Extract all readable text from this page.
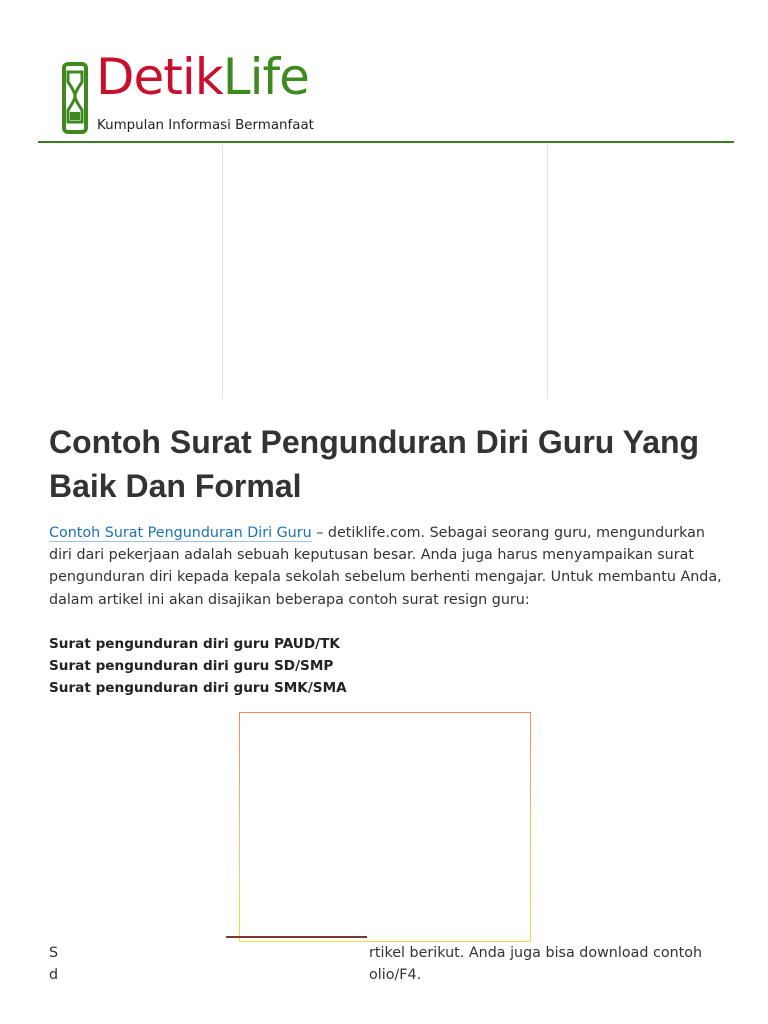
DetikLife
Kumpulan Informasi Bermanfaat
Contoh Surat Pengunduran Diri Guru Yang Baik Dan Formal

Contoh Surat Pengunduran Diri Guru – detiklife.com. Sebagai seorang guru, mengundurkan diri dari pekerjaan adalah sebuah keputusan besar. Anda juga harus menyampaikan surat pengunduran diri kepada kepala sekolah sebelum berhenti mengajar. Untuk membantu Anda, dalam artikel ini akan disajikan beberapa contoh surat resign guru:

Surat pengunduran diri guru PAUD/TK
Surat pengunduran diri guru SD/SMP
Surat pengunduran diri guru SMK/SMA
S	rtikel berikut. Anda juga bisa download contoh
d	olio/F4.
